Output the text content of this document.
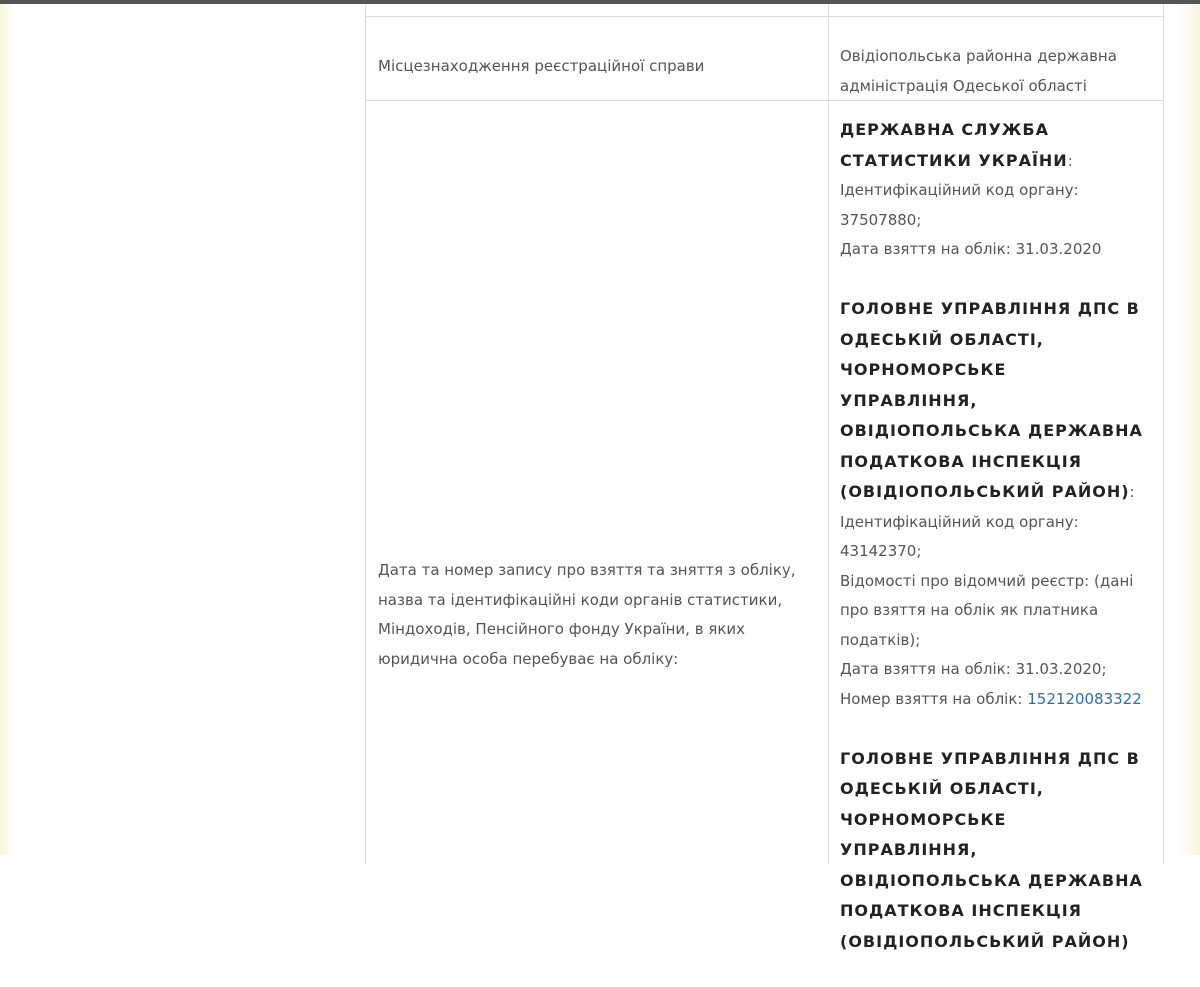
Місцезнаходження реєстраційної справи
Овідіопольська районна державна адміністрація Одеської області
Дата та номер запису про взяття та зняття з обліку, назва та ідентифікаційні коди органів статистики, Міндоходів, Пенсійного фонду України, в яких юридична особа перебуває на обліку:
ДЕРЖАВНА СЛУЖБА СТАТИСТИКИ УКРАЇНИ:
Ідентифікаційний код органу: 37507880;
Дата взяття на облік: 31.03.2020
ГОЛОВНЕ УПРАВЛІННЯ ДПС В ОДЕСЬКІЙ ОБЛАСТІ, ЧОРНОМОРСЬКЕ УПРАВЛІННЯ, ОВІДІОПОЛЬСЬКА ДЕРЖАВНА ПОДАТКОВА ІНСПЕКЦІЯ (ОВІДІОПОЛЬСЬКИЙ РАЙОН):
Ідентифікаційний код органу: 43142370;
Відомості про відомчий реєстр: (дані про взяття на облік як платника податків);
Дата взяття на облік: 31.03.2020;
Номер взяття на облік: 152120083322
ГОЛОВНЕ УПРАВЛІННЯ ДПС В ОДЕСЬКІЙ ОБЛАСТІ, ЧОРНОМОРСЬКЕ УПРАВЛІННЯ, ОВІДІОПОЛЬСЬКА ДЕРЖАВНА ПОДАТКОВА ІНСПЕКЦІЯ (ОВІДІОПОЛЬСЬКИЙ РАЙОН)
